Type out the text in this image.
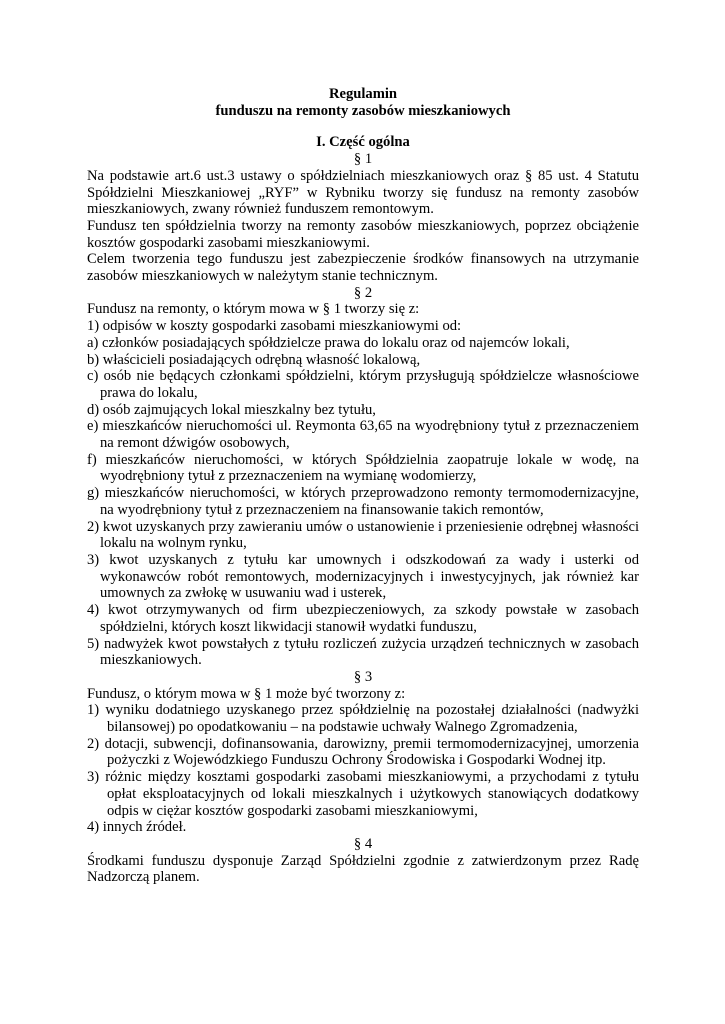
Regulamin
funduszu na remonty zasobów mieszkaniowych
I. Część ogólna
§ 1

Na podstawie art.6 ust.3 ustawy o spółdzielniach mieszkaniowych oraz § 85 ust. 4 Statutu Spółdzielni Mieszkaniowej „RYF” w Rybniku tworzy się fundusz na remonty zasobów mieszkaniowych, zwany również funduszem remontowym.

Fundusz ten spółdzielnia tworzy na remonty zasobów mieszkaniowych, poprzez obciążenie kosztów gospodarki zasobami mieszkaniowymi.

Celem tworzenia tego funduszu jest zabezpieczenie środków finansowych na utrzymanie zasobów mieszkaniowych w należytym stanie technicznym.

§ 2

Fundusz na remonty, o którym mowa w § 1 tworzy się z:

1) odpisów w koszty gospodarki zasobami mieszkaniowymi od:
a) członków posiadających spółdzielcze prawa do lokalu oraz od najemców lokali,
b) właścicieli posiadających odrębną własność lokalową,
c) osób nie będących członkami spółdzielni, którym przysługują spółdzielcze własnościowe prawa do lokalu,
d) osób zajmujących lokal mieszkalny bez tytułu,
e) mieszkańców nieruchomości ul. Reymonta 63,65 na wyodrębniony tytuł z przeznaczeniem na remont dźwigów osobowych,
f) mieszkańców nieruchomości, w których Spółdzielnia zaopatruje lokale w wodę, na wyodrębniony tytuł z przeznaczeniem na wymianę wodomierzy,
g) mieszkańców nieruchomości, w których przeprowadzono remonty termomodernizacyjne, na wyodrębniony tytuł z przeznaczeniem na finansowanie takich remontów,
2) kwot uzyskanych przy zawieraniu umów o ustanowienie i przeniesienie odrębnej własności lokalu na wolnym rynku,
3) kwot uzyskanych z tytułu kar umownych i odszkodowań za wady i usterki od wykonawców robót remontowych, modernizacyjnych i inwestycyjnych, jak również kar umownych za zwłokę w usuwaniu wad i usterek,
4) kwot otrzymywanych od firm ubezpieczeniowych, za szkody powstałe w zasobach spółdzielni, których koszt likwidacji stanowił wydatki funduszu,
5) nadwyżek kwot powstałych z tytułu rozliczeń zużycia urządzeń technicznych w zasobach mieszkaniowych.
§ 3

Fundusz, o którym mowa w § 1 może być tworzony z:

1) wyniku dodatniego uzyskanego przez spółdzielnię na pozostałej działalności (nadwyżki bilansowej) po opodatkowaniu – na podstawie uchwały Walnego Zgromadzenia,
2) dotacji, subwencji, dofinansowania, darowizny, premii termomodernizacyjnej, umorzenia pożyczki z Wojewódzkiego Funduszu Ochrony Środowiska i Gospodarki Wodnej itp.
3) różnic między kosztami gospodarki zasobami mieszkaniowymi, a przychodami z tytułu opłat eksploatacyjnych od lokali mieszkalnych i użytkowych stanowiących dodatkowy odpis w ciężar kosztów gospodarki zasobami mieszkaniowymi,
4) innych źródeł.
§ 4

Środkami funduszu dysponuje Zarząd Spółdzielni zgodnie z zatwierdzonym przez Radę Nadzorczą planem.
